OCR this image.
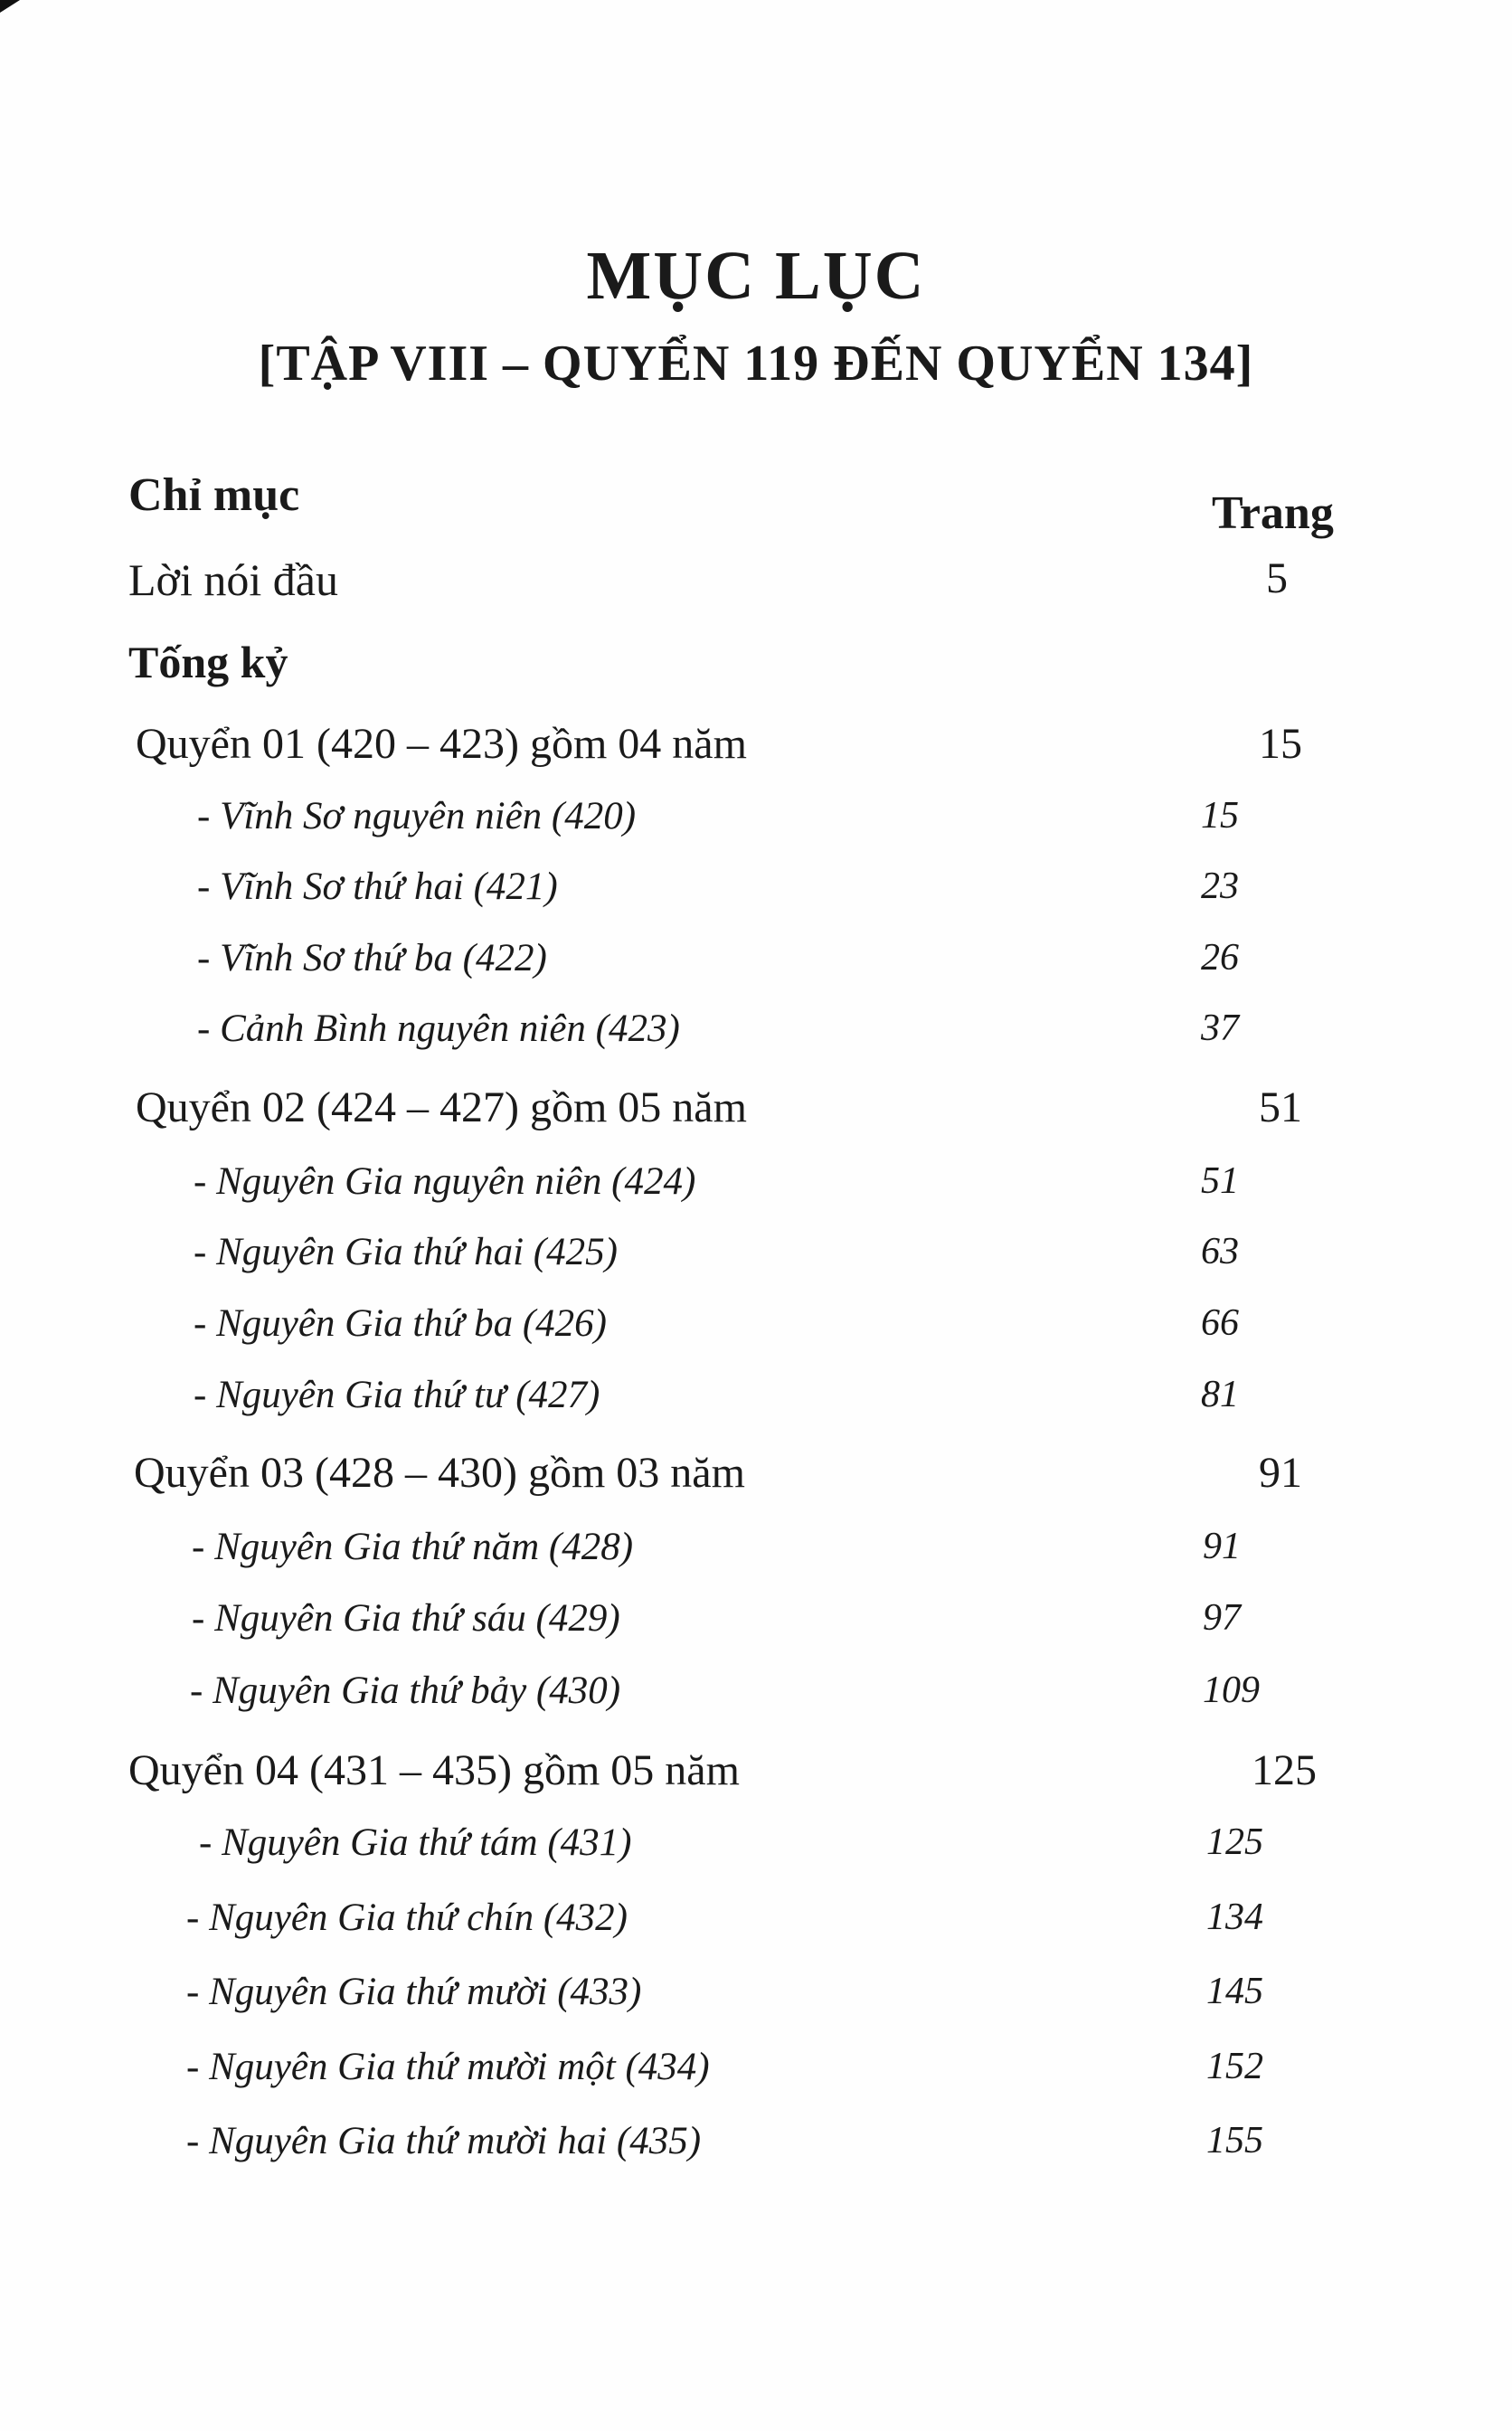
MỤC LỤC
[TẬP VIII – QUYỂN 119 ĐẾN QUYỂN 134]
Chỉ mục	Trang
Lời nói đầu	5
Tống kỷ
Quyển 01 (420 – 423) gồm 04 năm	15
- Vĩnh Sơ nguyên niên (420)	15
- Vĩnh Sơ thứ hai (421)	23
- Vĩnh Sơ thứ ba (422)	26
- Cảnh Bình nguyên niên (423)	37
Quyển 02 (424 – 427) gồm 05 năm	51
- Nguyên Gia nguyên niên (424)	51
- Nguyên Gia thứ hai (425)	63
- Nguyên Gia thứ ba (426)	66
- Nguyên Gia thứ tư (427)	81
Quyển 03 (428 – 430) gồm 03 năm	91
- Nguyên Gia thứ năm (428)	91
- Nguyên Gia thứ sáu (429)	97
- Nguyên Gia thứ bảy (430)	109
Quyển 04 (431 – 435) gồm 05 năm	125
- Nguyên Gia thứ tám (431)	125
- Nguyên Gia thứ chín (432)	134
- Nguyên Gia thứ mười (433)	145
- Nguyên Gia thứ mười một (434)	152
- Nguyên Gia thứ mười hai (435)	155
